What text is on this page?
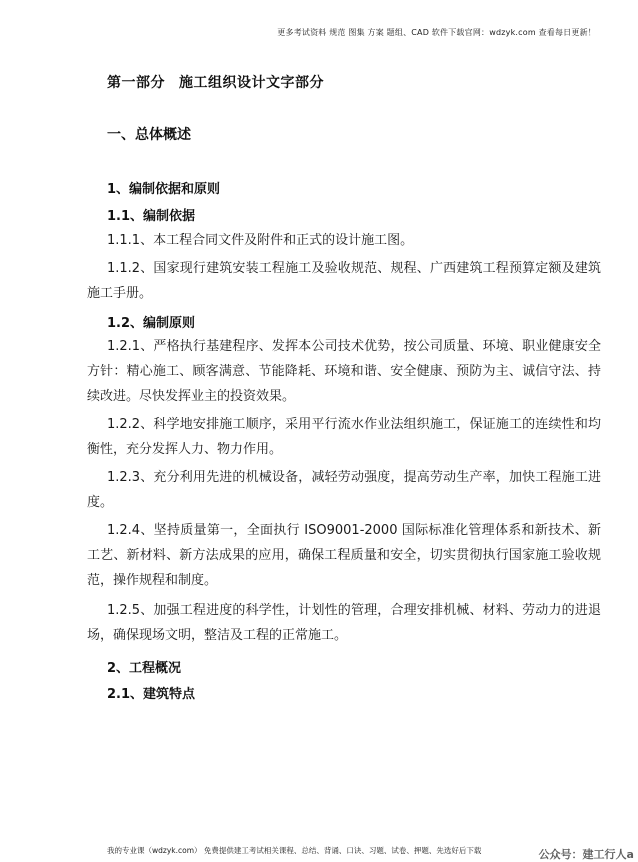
更多考试资料 规范 图集 方案 题组、CAD 软件下载官网：wdzyk.com 查看每日更新！
第一部分 施工组织设计文字部分
一、总体概述
1、编制依据和原则
1.1、编制依据

1.1.1、本工程合同文件及附件和正式的设计施工图。

1.1.2、国家现行建筑安装工程施工及验收规范、规程、广西建筑工程预算定额及建筑施工手册。

1.2、编制原则

1.2.1、严格执行基建程序、发挥本公司技术优势，按公司质量、环境、职业健康安全方针：精心施工、顾客满意、节能降耗、环境和谐、安全健康、预防为主、诚信守法、持续改进。尽快发挥业主的投资效果。

1.2.2、科学地安排施工顺序，采用平行流水作业法组织施工，保证施工的连续性和均衡性，充分发挥人力、物力作用。

1.2.3、充分利用先进的机械设备，减轻劳动强度，提高劳动生产率，加快工程施工进度。

1.2.4、坚持质量第一，全面执行 ISO9001-2000 国际标准化管理体系和新技术、新工艺、新材料、新方法成果的应用，确保工程质量和安全，切实贯彻执行国家施工验收规范，操作规程和制度。

1.2.5、加强工程进度的科学性，计划性的管理，合理安排机械、材料、劳动力的进退场，确保现场文明，整洁及工程的正常施工。

2、工程概况
2.1、建筑特点
我的专业课（wdzyk.com） 免费提供建工考试相关课程、总结、背诵、口诀、习题、试卷、押题、先选好后下载	公众号：建工行人a
